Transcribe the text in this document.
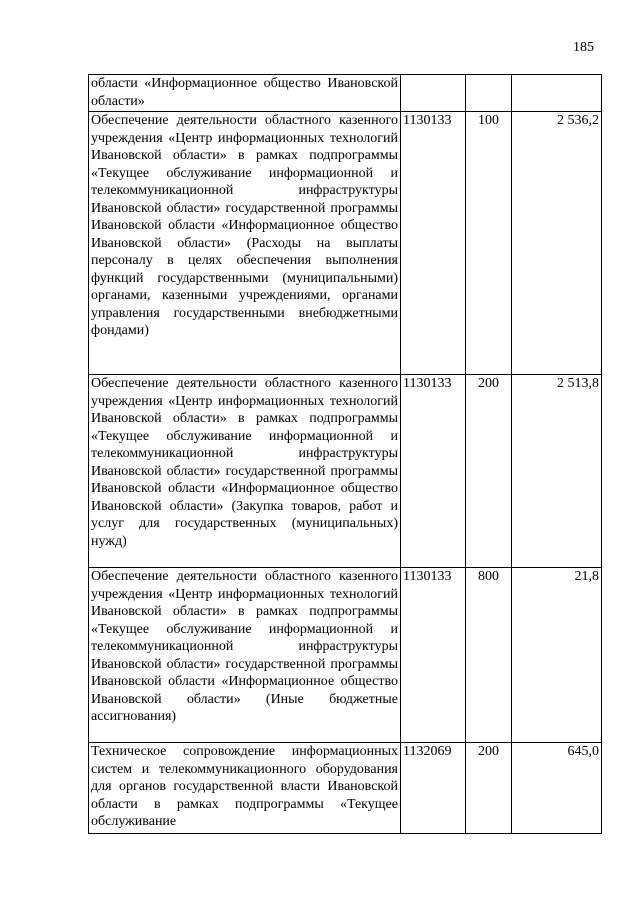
185
области «Информационное общество Ивановской области»			

Обеспечение деятельности областного казенного учреждения «Центр информационных технологий Ивановской области» в рамках подпрограммы «Текущее обслуживание информационной и телекоммуникационной инфраструктуры Ивановской области» государственной программы Ивановской области «Информационное общество Ивановской области» (Расходы на выплаты персоналу в целях обеспечения выполнения функций государственными (муниципальными) органами, казенными учреждениями, органами управления государственными внебюджетными фондами)	1130133	100	2 536,2

Обеспечение деятельности областного казенного учреждения «Центр информационных технологий Ивановской области» в рамках подпрограммы «Текущее обслуживание информационной и телекоммуникационной инфраструктуры Ивановской области» государственной программы Ивановской области «Информационное общество Ивановской области» (Закупка товаров, работ и услуг для государственных (муниципальных) нужд)	1130133	200	2 513,8

Обеспечение деятельности областного казенного учреждения «Центр информационных технологий Ивановской области» в рамках подпрограммы «Текущее обслуживание информационной и телекоммуникационной инфраструктуры Ивановской области» государственной программы Ивановской области «Информационное общество Ивановской области» (Иные бюджетные ассигнования)	1130133	800	21,8

Техническое сопровождение информационных систем и телекоммуникационного оборудования для органов государственной власти Ивановской области в рамках подпрограммы «Текущее обслуживание	1132069	200	645,0
